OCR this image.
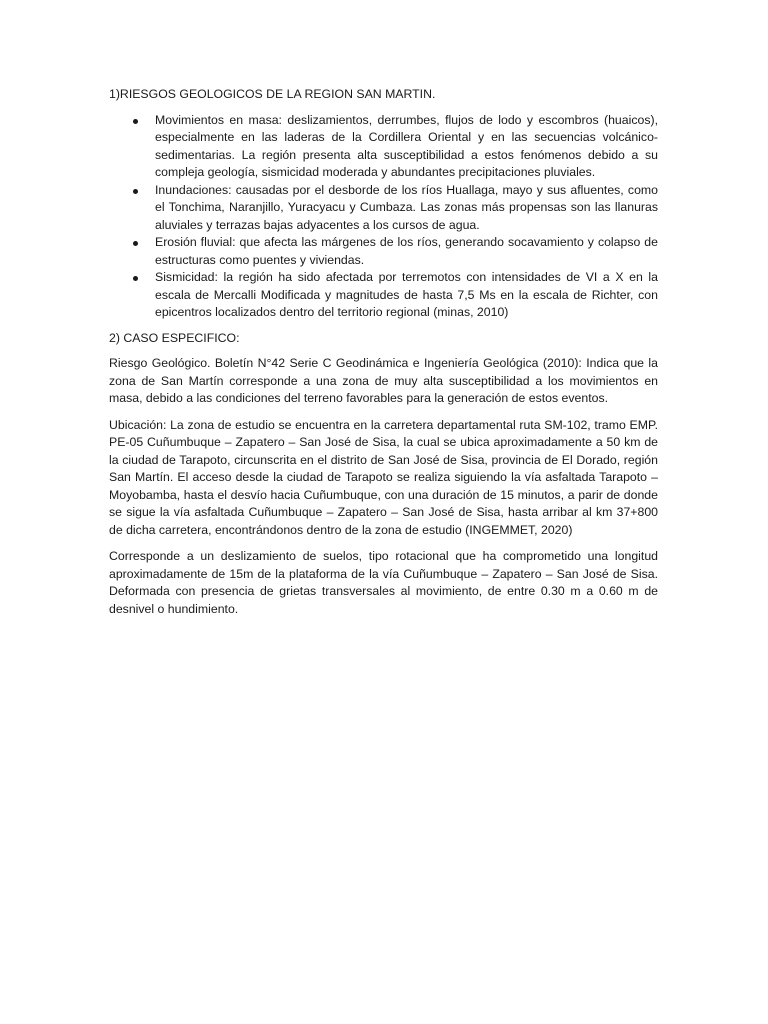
1)RIESGOS GEOLOGICOS DE LA REGION SAN MARTIN.

Movimientos en masa: deslizamientos, derrumbes, flujos de lodo y escombros (huaicos), especialmente en las laderas de la Cordillera Oriental y en las secuencias volcánico-sedimentarias. La región presenta alta susceptibilidad a estos fenómenos debido a su compleja geología, sismicidad moderada y abundantes precipitaciones pluviales.
Inundaciones: causadas por el desborde de los ríos Huallaga, mayo y sus afluentes, como el Tonchima, Naranjillo, Yuracyacu y Cumbaza. Las zonas más propensas son las llanuras aluviales y terrazas bajas adyacentes a los cursos de agua.
Erosión fluvial: que afecta las márgenes de los ríos, generando socavamiento y colapso de estructuras como puentes y viviendas.
Sismicidad: la región ha sido afectada por terremotos con intensidades de VI a X en la escala de Mercalli Modificada y magnitudes de hasta 7,5 Ms en la escala de Richter, con epicentros localizados dentro del territorio regional (minas, 2010)

2) CASO ESPECIFICO:

Riesgo Geológico. Boletín N°42 Serie C Geodinámica e Ingeniería Geológica (2010): Indica que la zona de San Martín corresponde a una zona de muy alta susceptibilidad a los movimientos en masa, debido a las condiciones del terreno favorables para la generación de estos eventos.

Ubicación: La zona de estudio se encuentra en la carretera departamental ruta SM-102, tramo EMP. PE-05 Cuñumbuque – Zapatero – San José de Sisa, la cual se ubica aproximadamente a 50 km de la ciudad de Tarapoto, circunscrita en el distrito de San José de Sisa, provincia de El Dorado, región San Martín. El acceso desde la ciudad de Tarapoto se realiza siguiendo la vía asfaltada Tarapoto – Moyobamba, hasta el desvío hacia Cuñumbuque, con una duración de 15 minutos, a parir de donde se sigue la vía asfaltada Cuñumbuque – Zapatero – San José de Sisa, hasta arribar al km 37+800 de dicha carretera, encontrándonos dentro de la zona de estudio (INGEMMET, 2020)

Corresponde a un deslizamiento de suelos, tipo rotacional que ha comprometido una longitud aproximadamente de 15m de la plataforma de la vía Cuñumbuque – Zapatero – San José de Sisa. Deformada con presencia de grietas transversales al movimiento, de entre 0.30 m a 0.60 m de desnivel o hundimiento.
